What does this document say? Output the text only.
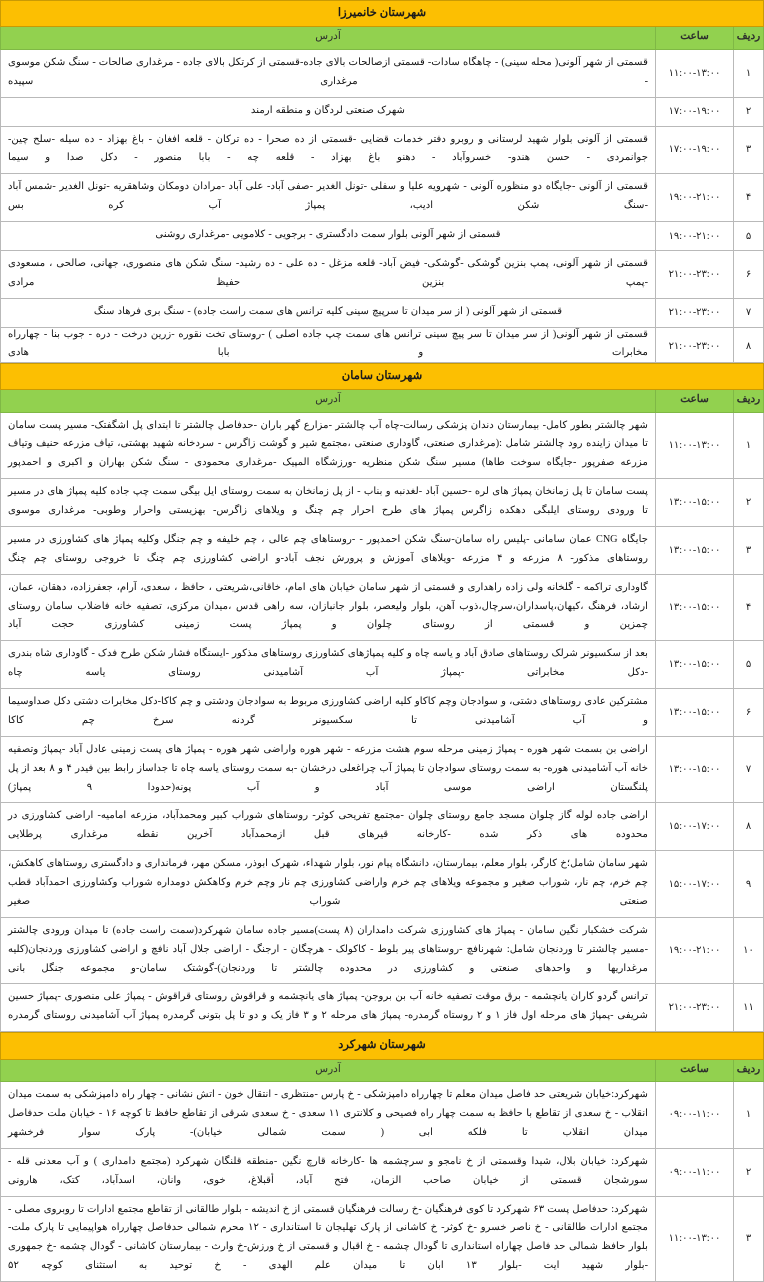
شهرستان خانمیرزا		
ردیف	ساعت	آدرس
۱	۱۱:۰۰-۱۳:۰۰	قسمتی از شهر آلونی( محله سینی) - چاهگاه سادات- قسمتی ازصالحات بالای جاده-قسمتی از کرتکل بالای جاده - مرغداری صالحات - سنگ شکن موسوی - مرغداری سپیده
۲	۱۷:۰۰-۱۹:۰۰	شهرک صنعتی لردگان و منطقه ارمند
۳	۱۷:۰۰-۱۹:۰۰	قسمتی از آلونی بلوار شهید لرستانی و روبرو دفتر خدمات قضایی -قسمتی از ده صحرا - ده ترکان - قلعه افغان - باغ بهزاد - ده سیله -سلح چین- جوانمردی - حسن هندو- خسروآباد - دهنو باغ بهزاد - قلعه چه - بابا منصور - دکل صدا و سیما
۴	۱۹:۰۰-۲۱:۰۰	قسمتی از آلونی -جایگاه دو منظوره آلونی - شهرویه علیا و سفلی -تونل الغدیر -صفی آباد- علی آباد -مرادان دومکان وشاهقریه -تونل الغدیر -شمس آباد -سنگ شکن ادیب، پمپاژ آب کره بس
۵	۱۹:۰۰-۲۱:۰۰	قسمتی از شهر آلونی بلوار سمت دادگستری - برجویی - کلامویی -مرغداری روشنی
۶	۲۱:۰۰-۲۳:۰۰	قسمتی از شهر آلونی، پمپ بنزین گوشکی -گوشکی- فیض آباد- قلعه مزغل - ده علی - ده رشید- سنگ شکن های منصوری، جهانی، صالحی ، مسعودی -پمپ بنزین حفیظ مرادی
۷	۲۱:۰۰-۲۳:۰۰	قسمتی از شهر آلونی ( از سر میدان تا سرپیچ سینی کلیه ترانس های سمت راست جاده) - سنگ بری فرهاد سنگ
۸	۲۱:۰۰-۲۳:۰۰	قسمتی از شهر آلونی( از سر میدان تا سر پیچ سینی ترانس های سمت چپ جاده اصلی ) -روستای تخت نقوره -زرین درخت - دره - جوب بنا - چهارراه مخابرات و بابا هادی
شهرستان سامان		
ردیف	ساعت	آدرس
۱	۱۱:۰۰-۱۳:۰۰	شهر چالشتر بطور کامل- بیمارستان دندان پزشکی رسالت-چاه آب چالشتر -مزارع گهر باران -حدفاصل چالشتر تا ابتدای پل اشگفتک- مسیر پست سامان تا میدان زاینده رود چالشتر شامل :(مرغداری صنعتی، گاوداری صنعتی ،مجتمع شیر و گوشت زاگرس - سردخانه شهید بهشتی، تیاف مزرعه حنیف وتیاف مزرعه صفرپور -جایگاه سوخت طاها) مسیر سنگ شکن منظریه -ورزشگاه المپیک -مرغداری محمودی - سنگ شکن بهاران و اکبری و احمدپور
۲	۱۳:۰۰-۱۵:۰۰	پست سامان تا پل زمانخان پمپاژ های لره -حسین آباد -لغدنبه و بناب - از پل زمانخان به سمت روستای ایل بیگی سمت چپ جاده کلیه پمپاژ های در مسیر تا ورودی روستای ایلبگی دهکده زاگرس پمپاژ های طرح احرار چم چنگ و ویلاهای زاگرس- بهزیستی واحرار وطوبی- مرغداری موسوی
۳	۱۳:۰۰-۱۵:۰۰	جایگاه CNG عمان سامانی -پلیس راه سامان-سنگ شکن احمدپور - -روستاهای چم عالی ، چم خلیفه و چم جنگل وکلیه پمپاژ های کشاورزی در مسیر روستاهای مذکور- ۸ مزرعه و ۴ مزرعه -ویلاهای آموزش و پرورش نجف آباد-و اراضی کشاورزی چم چنگ تا خروجی روستای چم چنگ
۴	۱۳:۰۰-۱۵:۰۰	گاوداری تراکمه - گلخانه ولی زاده راهداری و قسمتی از شهر سامان خیابان های امام، خاقانی،شریعتی ، حافظ ، سعدی، آرام، جعفرزاده، دهقان، عمان، ارشاد، فرهنگ ،کیهان،پاسداران،سرچال،ذوب آهن، بلوار ولیعصر، بلوار جانبازان، سه راهی قدس ،میدان مرکزی، تصفیه خانه فاضلاب سامان روستای چمزین و قسمتی از روستای چلوان و پمپاژ پست زمینی کشاورزی حجت آباد
۵	۱۳:۰۰-۱۵:۰۰	بعد از سکسیونر شرلک روستاهای صادق آباد و یاسه چاه و کلیه پمپاژهای کشاورزی روستاهای مذکور -ایستگاه فشار شکن طرح فدک - گاوداری شاه بندری -دکل مخابراتی -پمپاژ آب آشامیدنی روستای یاسه چاه
۶	۱۳:۰۰-۱۵:۰۰	مشترکین عادی روستاهای دشتی، و سوادجان وچم کاکاو کلیه اراضی کشاورزی مربوط به سوادجان ودشتی و چم کاکا-دکل مخابرات دشتی دکل صداوسیما و آب آشامیدنی تا سکسیونر گردنه سرخ چم کاکا
۷	۱۳:۰۰-۱۵:۰۰	اراضی بن بسمت شهر هوره - پمپاژ زمینی مرحله سوم هشت مزرعه - شهر هوره واراضی شهر هوره - پمپاژ های پست زمینی عادل آباد -پمپاژ وتصفیه خانه آب آشامیدنی هوره- به سمت روستای سوادجان تا پمپاژ آب چراغعلی درخشان -به سمت روستای یاسه چاه تا جداساز رابط بین فیدر ۴ و ۸ بعد از پل پلنگستان اراضی موسی آباد و آب پونه(حدودا ۹ پمپاژ)
۸	۱۵:۰۰-۱۷:۰۰	اراضی جاده لوله گاز چلوان مسجد جامع روستای چلوان -مجتمع تفریحی کوثر- روستاهای شوراب کبیر ومحمدآباد، مزرعه امامیه- اراضی کشاورزی در محدوده های ذکر شده -کارخانه قیرهای قبل ازمحمدآباد آخرین نقطه مرغداری پرطلایی
۹	۱۵:۰۰-۱۷:۰۰	شهر سامان شامل؛خ کارگر، بلوار معلم، بیمارستان، دانشگاه پیام نور، بلوار شهداء، شهرک ابوذر، مسکن مهر، فرمانداری و دادگستری روستاهای کاهکش، چم خرم، چم نار، شوراب صغیر و مجموعه ویلاهای چم خرم واراضی کشاورزی چم نار وچم خرم وکاهکش دومداره شوراب وکشاورزی احمدآباد قطب صنعتی شوراب صغیر
۱۰	۱۹:۰۰-۲۱:۰۰	شرکت خشکبار نگین سامان - پمپاژ های کشاورزی شرکت دامداران (۸ پست)مسیر جاده سامان شهرکرد(سمت راست جاده) تا میدان ورودی چالشتر -مسیر چالشتر تا وردنجان شامل: شهرنافچ -روستاهای پیر بلوط - کاکولک - هرچگان - ارجنگ - اراضی جلال آباد نافچ و اراضی کشاورزی وردنجان(کلیه مرغداریها و واحدهای صنعتی و کشاورزی در محدوده چالشتر تا وردنجان)-گوشتک سامان-و مجموعه جنگل بانی
۱۱	۲۱:۰۰-۲۳:۰۰	ترانس گردو کاران یانچشمه - برق موقت تصفیه خانه آب بن بروجن- پمپاژ های یانچشمه و قراقوش روستای قراقوش - پمپاژ علی منصوری -پمپاژ حسین شریفی -پمپاژ های مرحله اول فاز ۱ و ۲ روستاه گرمدره- پمپاژ های مرحله ۲ و ۳ فاز یک و دو تا پل بتونی گرمدره پمپاژ آب آشامیدنی روستای گرمدره
شهرستان شهرکرد		
ردیف	ساعت	آدرس
۱	۰۹:۰۰-۱۱:۰۰	شهرکرد:خیابان شریعتی حد فاصل میدان معلم تا چهارراه دامپزشکی - خ پارس -منتظری - انتقال خون - اتش نشانی - چهار راه دامپزشکی به سمت میدان انقلاب - خ سعدی از تقاطع با حافظ به سمت چهار راه فصیحی و کلانتری ۱۱ سعدی - خ سعدی شرقی از تقاطع حافظ تا کوچه ۱۶ - خیابان ملت حدفاصل میدان انقلاب تا فلکه ابی ( سمت شمالی خیابان)- پارک سوار فرخشهر
۲	۰۹:۰۰-۱۱:۰۰	شهرکرد: خیابان بلال، شیدا وقسمتی از خ نامجو و سرچشمه ها -کارخانه قارچ نگین -منطقه قلنگان شهرکرد (مجتمع دامداری ) و آب معدنی قله - سورشجان قسمتی از خیابان صاحب الزمان، فتح آباد، أقبلاغ، خوی، وانان، اسدآباد، کتک، هارونی
۳	۱۱:۰۰-۱۳:۰۰	شهرکرد: حدفاصل پست ۶۳ شهرکرد تا کوی فرهنگیان -خ رسالت فرهنگیان قسمتی از خ اندیشه - بلوار طالقانی از تقاطع مجتمع ادارات تا روبروی مصلی - مجتمع ادارات طالقانی - خ ناصر خسرو -خ کوثر- خ کاشانی از پارک تهلیجان تا استانداری - ۱۲ محرم شمالی حدفاصل چهارراه هواپیمایی تا پارک ملت- بلوار حافظ شمالی حد فاصل چهاراه استانداری تا گودال چشمه - خ اقبال و قسمتی از خ ورزش-خ وارث - بیمارستان کاشانی - گودال چشمه -خ جمهوری -بلوار شهید ایت -بلوار ۱۳ ابان تا میدان علم الهدی - خ توحید به استثنای کوچه ۵۲
